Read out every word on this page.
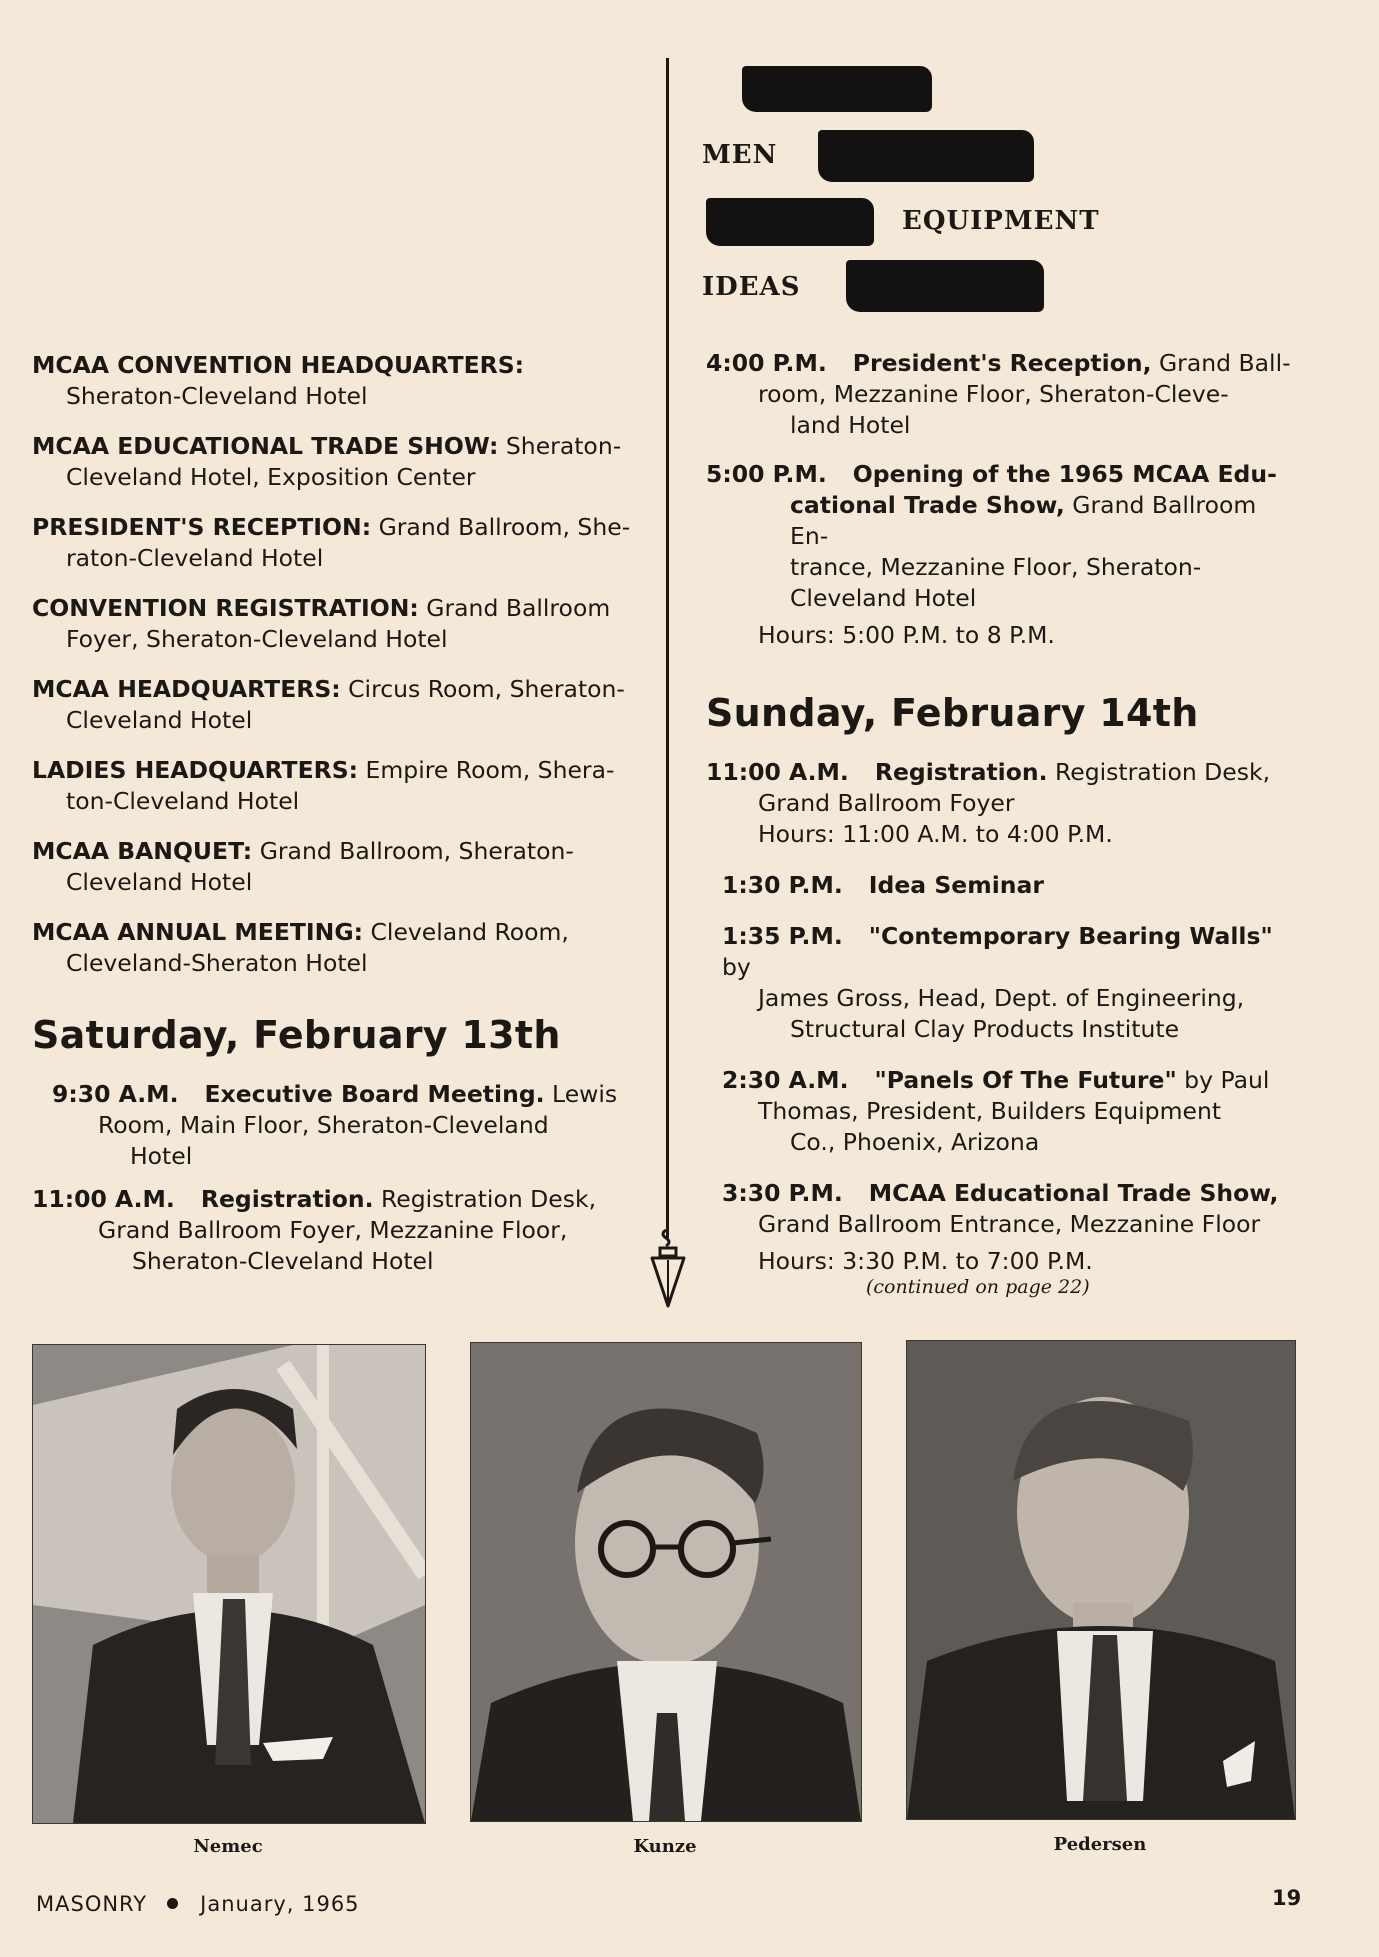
MEN
EQUIPMENT
IDEAS
MCAA CONVENTION HEADQUARTERS:
Sheraton-Cleveland Hotel
MCAA EDUCATIONAL TRADE SHOW: Sheraton-
Cleveland Hotel, Exposition Center
PRESIDENT'S RECEPTION: Grand Ballroom, She-
raton-Cleveland Hotel
CONVENTION REGISTRATION: Grand Ballroom
Foyer, Sheraton-Cleveland Hotel
MCAA HEADQUARTERS: Circus Room, Sheraton-
Cleveland Hotel
LADIES HEADQUARTERS: Empire Room, Shera-
ton-Cleveland Hotel
MCAA BANQUET: Grand Ballroom, Sheraton-
Cleveland Hotel
MCAA ANNUAL MEETING: Cleveland Room,
Cleveland-Sheraton Hotel
Saturday, February 13th
9:30 A.M. Executive Board Meeting. Lewis
Room, Main Floor, Sheraton-Cleveland
Hotel
11:00 A.M. Registration. Registration Desk,
Grand Ballroom Foyer, Mezzanine Floor,
Sheraton-Cleveland Hotel
4:00 P.M. President's Reception, Grand Ball-
room, Mezzanine Floor, Sheraton-Cleve-
land Hotel
5:00 P.M. Opening of the 1965 MCAA Edu-
cational Trade Show, Grand Ballroom En-
trance, Mezzanine Floor, Sheraton-
Cleveland Hotel
Hours: 5:00 P.M. to 8 P.M.
Sunday, February 14th
11:00 A.M. Registration. Registration Desk,
Grand Ballroom Foyer
Hours: 11:00 A.M. to 4:00 P.M.
1:30 P.M. Idea Seminar
1:35 P.M. "Contemporary Bearing Walls" by
James Gross, Head, Dept. of Engineering,
Structural Clay Products Institute
2:30 A.M. "Panels Of The Future" by Paul
Thomas, President, Builders Equipment
Co., Phoenix, Arizona
3:30 P.M. MCAA Educational Trade Show,
Grand Ballroom Entrance, Mezzanine Floor
Hours: 3:30 P.M. to 7:00 P.M.
(continued on page 22)
Nemec	Kunze	Pedersen
MASONRY	January, 1965	19
